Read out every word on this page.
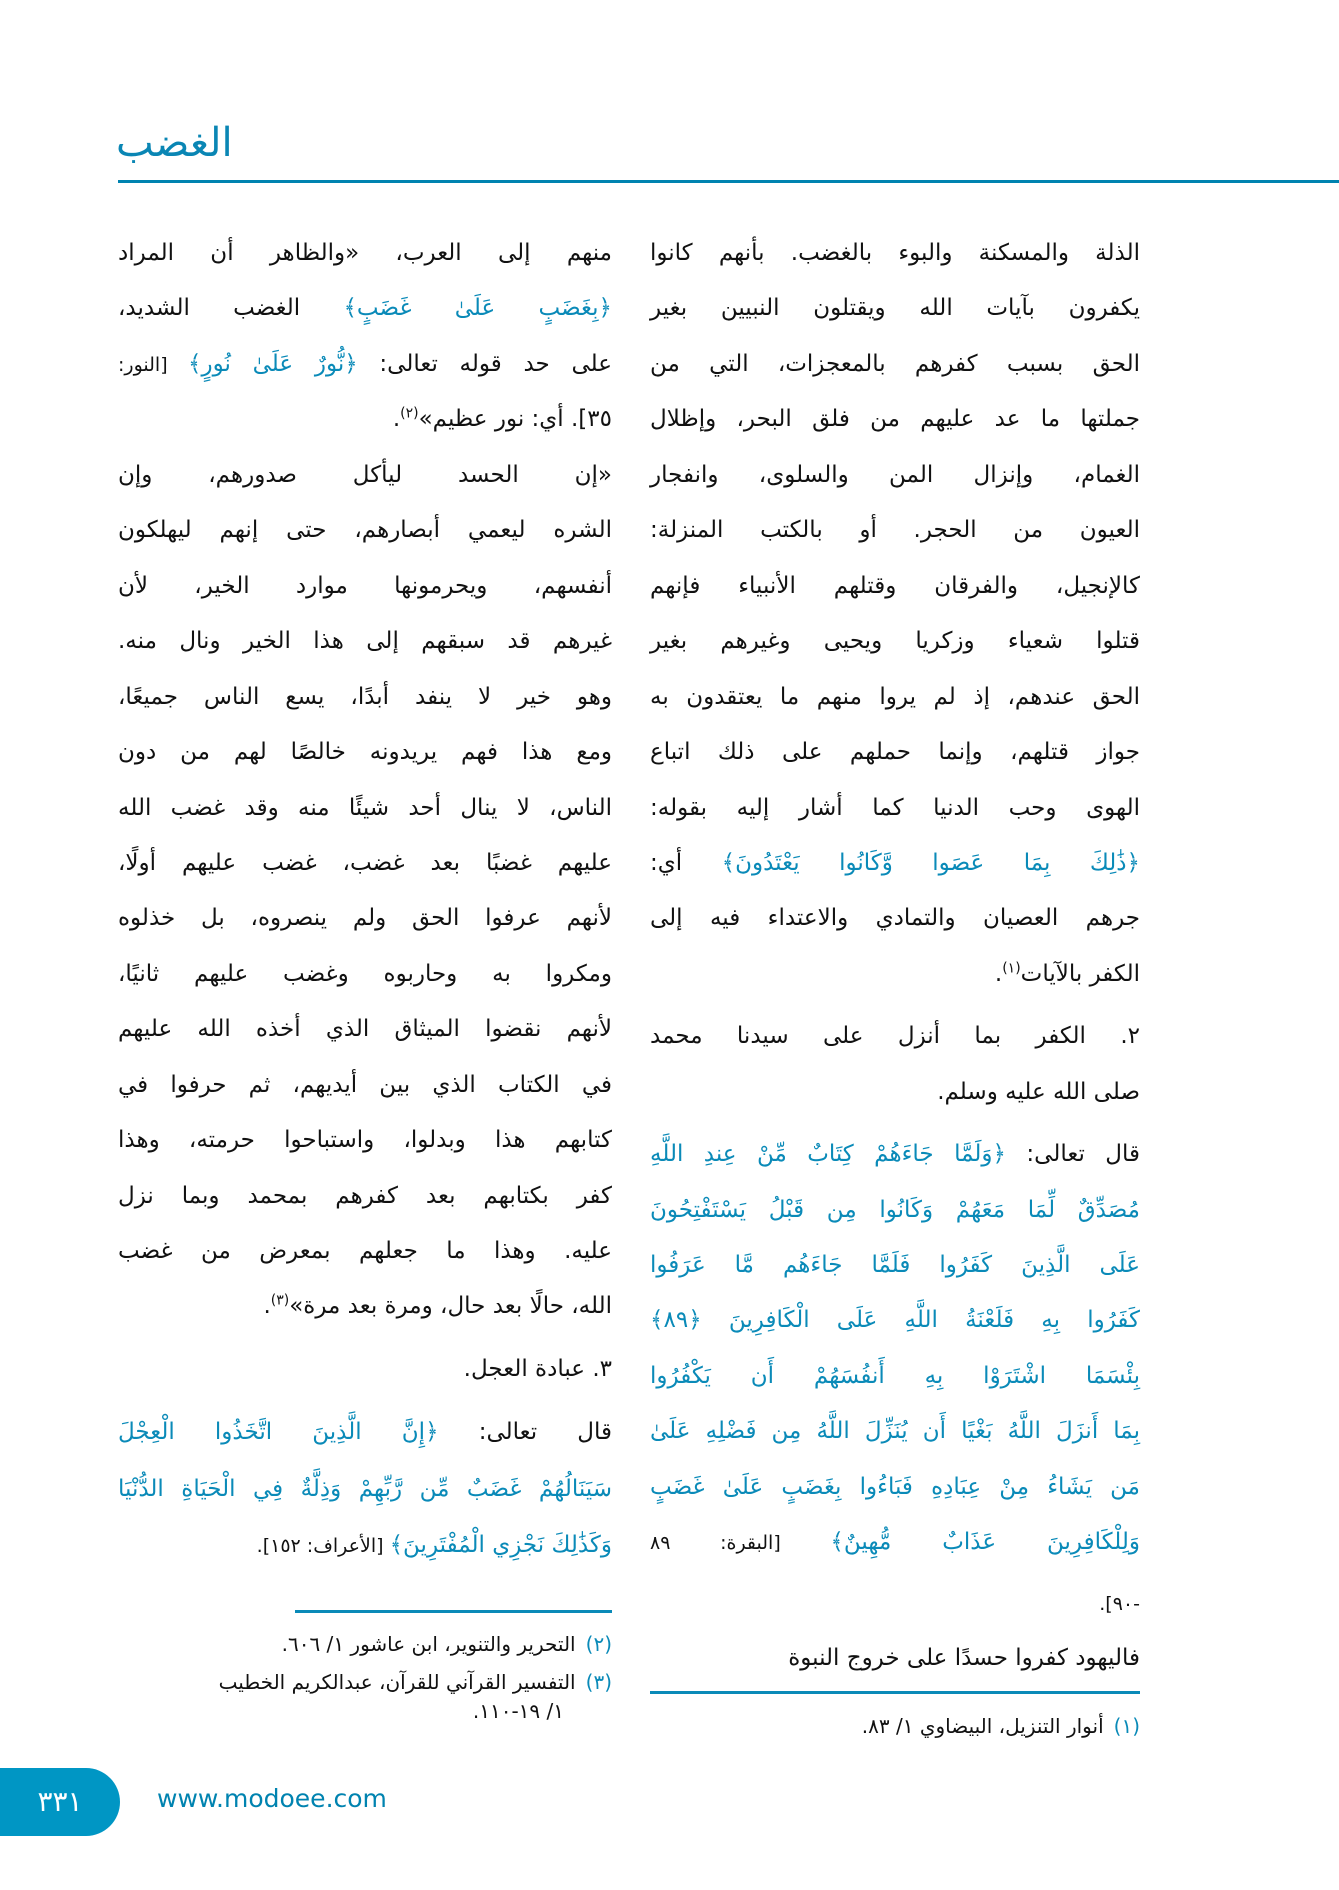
الغضب
الذلة والمسكنة والبوء بالغضب. بأنهم كانوا
يكفرون بآيات الله ويقتلون النبيين بغير
الحق بسبب كفرهم بالمعجزات، التي من
جملتها ما عد عليهم من فلق البحر، وإظلال
الغمام، وإنزال المن والسلوى، وانفجار
العيون من الحجر. أو بالكتب المنزلة:
كالإنجيل، والفرقان وقتلهم الأنبياء فإنهم
قتلوا شعياء وزكريا ويحيى وغيرهم بغير
الحق عندهم، إذ لم يروا منهم ما يعتقدون به
جواز قتلهم، وإنما حملهم على ذلك اتباع
الهوى وحب الدنيا كما أشار إليه بقوله:
﴿ذَٰلِكَ بِمَا عَصَوا وَّكَانُوا يَعْتَدُونَ﴾ أي:
جرهم العصيان والتمادي والاعتداء فيه إلى
الكفر بالآيات$^{(١)}$.
٢. الكفر بما أنزل على سيدنا محمد
صلى الله عليه وسلم.
قال تعالى: ﴿وَلَمَّا جَاءَهُمْ كِتَابٌ مِّنْ عِندِ اللَّهِ
مُصَدِّقٌ لِّمَا مَعَهُمْ وَكَانُوا مِن قَبْلُ يَسْتَفْتِحُونَ
عَلَى الَّذِينَ كَفَرُوا فَلَمَّا جَاءَهُم مَّا عَرَفُوا
كَفَرُوا بِهِ فَلَعْنَةُ اللَّهِ عَلَى الْكَافِرِينَ ﴿٨٩﴾
بِئْسَمَا اشْتَرَوْا بِهِ أَنفُسَهُمْ أَن يَكْفُرُوا
بِمَا أَنزَلَ اللَّهُ بَغْيًا أَن يُنَزِّلَ اللَّهُ مِن فَضْلِهِ عَلَىٰ
مَن يَشَاءُ مِنْ عِبَادِهِ فَبَاءُوا بِغَضَبٍ عَلَىٰ غَضَبٍ
وَلِلْكَافِرِينَ عَذَابٌ مُّهِينٌ﴾ [البقرة: ٨٩
-٩٠].
فاليهود كفروا حسدًا على خروج النبوة
منهم إلى العرب، «والظاهر أن المراد
﴿بِغَضَبٍ عَلَىٰ غَضَبٍ﴾ الغضب الشديد،
على حد قوله تعالى: ﴿نُّورٌ عَلَىٰ نُورٍ﴾ [النور:
٣٥]. أي: نور عظيم»$^{(٢)}$.
«إن الحسد ليأكل صدورهم، وإن
الشره ليعمي أبصارهم، حتى إنهم ليهلكون
أنفسهم، ويحرمونها موارد الخير، لأن
غيرهم قد سبقهم إلى هذا الخير ونال منه.
وهو خير لا ينفد أبدًا، يسع الناس جميعًا،
ومع هذا فهم يريدونه خالصًا لهم من دون
الناس، لا ينال أحد شيئًا منه وقد غضب الله
عليهم غضبًا بعد غضب، غضب عليهم أولًا،
لأنهم عرفوا الحق ولم ينصروه، بل خذلوه
ومكروا به وحاربوه وغضب عليهم ثانيًا،
لأنهم نقضوا الميثاق الذي أخذه الله عليهم
في الكتاب الذي بين أيديهم، ثم حرفوا في
كتابهم هذا وبدلوا، واستباحوا حرمته، وهذا
كفر بكتابهم بعد كفرهم بمحمد وبما نزل
عليه. وهذا ما جعلهم بمعرض من غضب
الله، حالًا بعد حال، ومرة بعد مرة»$^{(٣)}$.
٣. عبادة العجل.
قال تعالى: ﴿إِنَّ الَّذِينَ اتَّخَذُوا الْعِجْلَ
سَيَنَالُهُمْ غَضَبٌ مِّن رَّبِّهِمْ وَذِلَّةٌ فِي الْحَيَاةِ الدُّنْيَا
وَكَذَٰلِكَ نَجْزِي الْمُفْتَرِينَ﴾ [الأعراف: ١٥٢].
(١)أنوار التنزيل، البيضاوي ١/ ٨٣.
(٢)التحرير والتنوير، ابن عاشور ١/ ٦٠٦.
(٣)التفسير القرآني للقرآن، عبدالكريم الخطيب
١/ ١٩-١١٠.
٣٣١	www.modoee.com
